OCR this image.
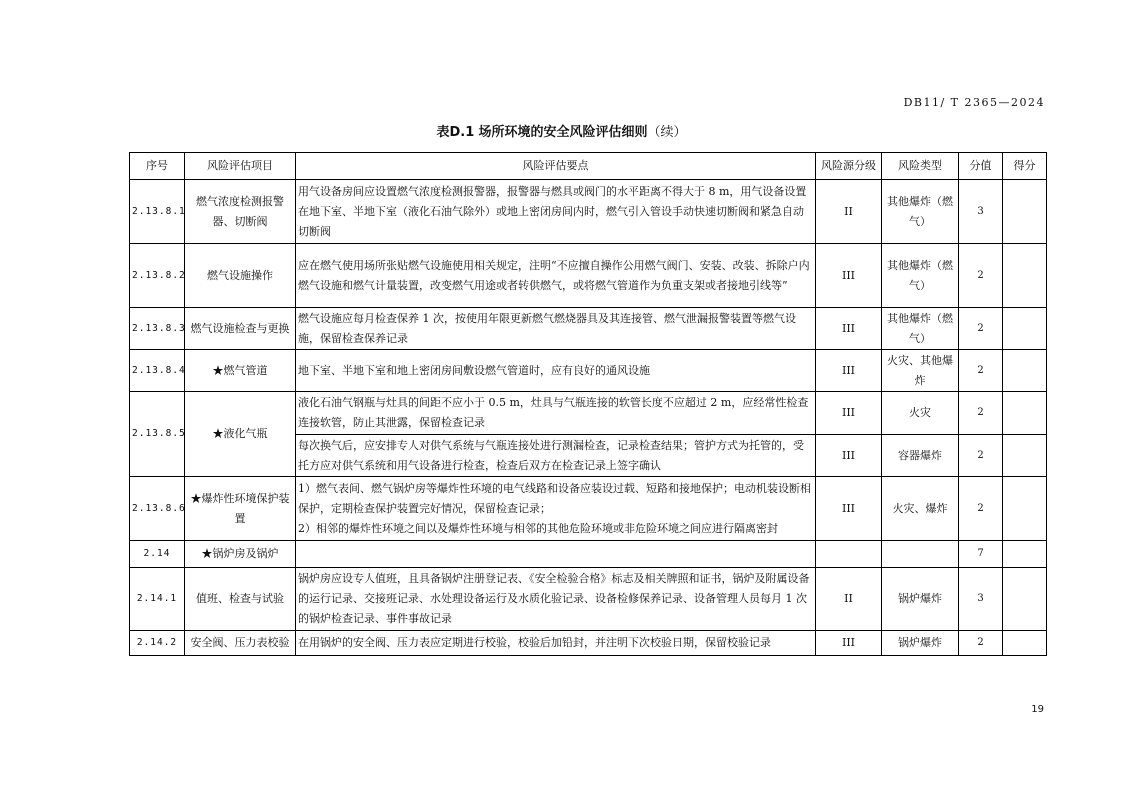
DB11/ T 2365—2024
表D.1 场所环境的安全风险评估细则（续）
序号	风险评估项目	风险评估要点	风险源分级	风险类型	分值	得分
2.13.8.1	燃气浓度检测报警器、切断阀	用气设备房间应设置燃气浓度检测报警器，报警器与燃具或阀门的水平距离不得大于 8 m，用气设备设置在地下室、半地下室（液化石油气除外）或地上密闭房间内时，燃气引入管设手动快速切断阀和紧急自动切断阀	II	其他爆炸（燃气）	3	
2.13.8.2	燃气设施操作	应在燃气使用场所张贴燃气设施使用相关规定，注明“不应擅自操作公用燃气阀门、安装、改装、拆除户内燃气设施和燃气计量装置，改变燃气用途或者转供燃气，或将燃气管道作为负重支架或者接地引线等”	III	其他爆炸（燃气）	2	
2.13.8.3	燃气设施检查与更换	燃气设施应每月检查保养 1 次，按使用年限更新燃气燃烧器具及其连接管、燃气泄漏报警装置等燃气设施，保留检查保养记录	III	其他爆炸（燃气）	2	
2.13.8.4	★燃气管道	地下室、半地下室和地上密闭房间敷设燃气管道时，应有良好的通风设施	III	火灾、其他爆炸	2	
2.13.8.5	★液化气瓶	液化石油气钢瓶与灶具的间距不应小于 0.5 m，灶具与气瓶连接的软管长度不应超过 2 m，应经常性检查连接软管，防止其泄露，保留检查记录	III	火灾	2	
		每次换气后，应安排专人对供气系统与气瓶连接处进行测漏检查，记录检查结果；管护方式为托管的，受托方应对供气系统和用气设备进行检查，检查后双方在检查记录上签字确认	III	容器爆炸	2	
2.13.8.6	★爆炸性环境保护装置	1）燃气表间、燃气锅炉房等爆炸性环境的电气线路和设备应装设过载、短路和接地保护；电动机装设断相保护，定期检查保护装置完好情况，保留检查记录；
2）相邻的爆炸性环境之间以及爆炸性环境与相邻的其他危险环境或非危险环境之间应进行隔离密封	III	火灾、爆炸	2	
2.14	★锅炉房及锅炉				7	
2.14.1	值班、检查与试验	锅炉房应设专人值班，且具备锅炉注册登记表、《安全检验合格》标志及相关牌照和证书，锅炉及附属设备的运行记录、交接班记录、水处理设备运行及水质化验记录、设备检修保养记录、设备管理人员每月 1 次的锅炉检查记录、事件事故记录	II	锅炉爆炸	3	
2.14.2	安全阀、压力表校验	在用锅炉的安全阀、压力表应定期进行校验，校验后加铅封，并注明下次校验日期，保留校验记录	III	锅炉爆炸	2	
19
